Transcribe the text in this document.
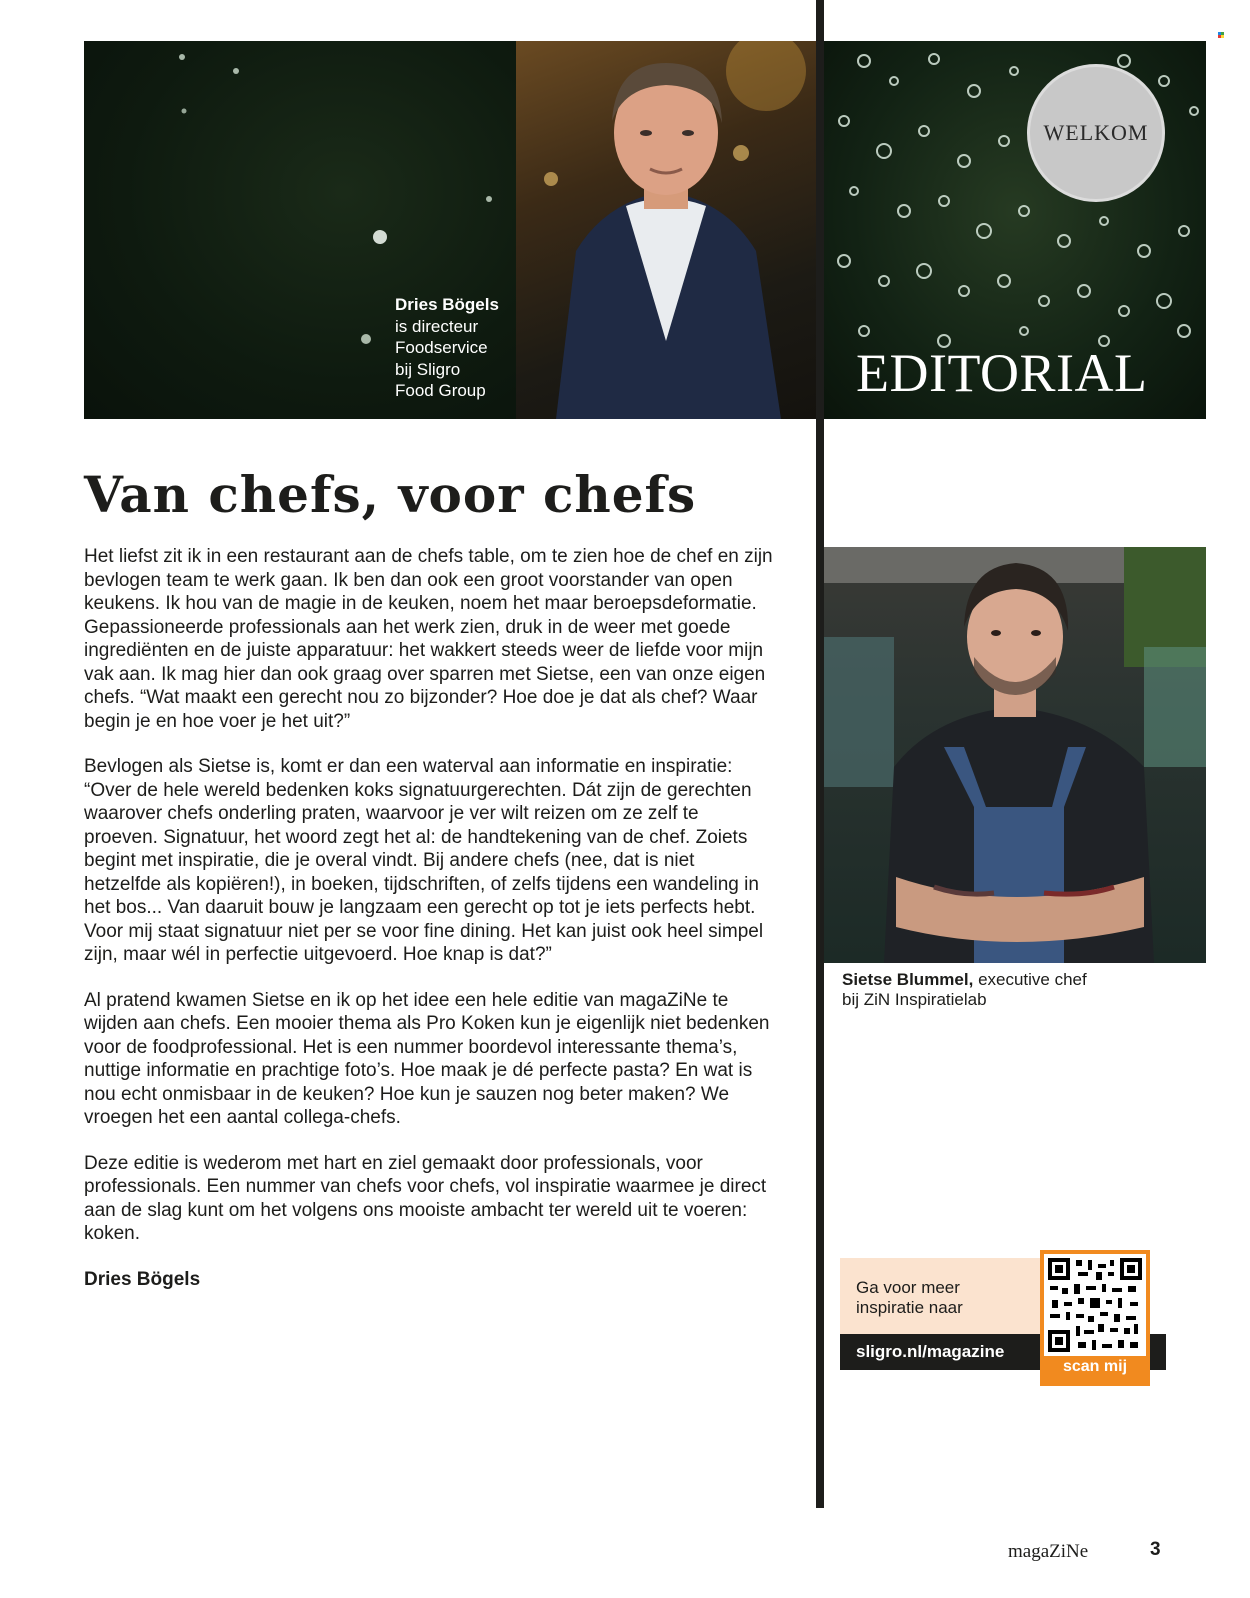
Dries Bögels
is directeur
Foodservice
bij Sligro
Food Group
WELKOM
EDITORIAL
Van chefs, voor chefs

Het liefst zit ik in een restaurant aan de chefs table, om te zien hoe de chef en zijn bevlogen team te werk gaan. Ik ben dan ook een groot voorstander van open keukens. Ik hou van de magie in de keuken, noem het maar beroepsdeformatie. Gepassioneerde professionals aan het werk zien, druk in de weer met goede ingrediënten en de juiste apparatuur: het wakkert steeds weer de liefde voor mijn vak aan. Ik mag hier dan ook graag over sparren met Sietse, een van onze eigen chefs. “Wat maakt een gerecht nou zo bijzonder? Hoe doe je dat als chef? Waar begin je en hoe voer je het uit?”

Bevlogen als Sietse is, komt er dan een waterval aan informatie en inspiratie: “Over de hele wereld bedenken koks signatuurgerechten. Dát zijn de gerechten waarover chefs onderling praten, waarvoor je ver wilt reizen om ze zelf te proeven. Signatuur, het woord zegt het al: de handtekening van de chef. Zoiets begint met inspiratie, die je overal vindt. Bij andere chefs (nee, dat is niet hetzelfde als kopiëren!), in boeken, tijdschriften, of zelfs tijdens een wandeling in het bos... Van daaruit bouw je langzaam een gerecht op tot je iets perfects hebt. Voor mij staat signatuur niet per se voor fine dining. Het kan juist ook heel simpel zijn, maar wél in perfectie uitgevoerd. Hoe knap is dat?”

Al pratend kwamen Sietse en ik op het idee een hele editie van magaZiNe te wijden aan chefs. Een mooier thema als Pro Koken kun je eigenlijk niet bedenken voor de foodprofessional. Het is een nummer boordevol interessante thema’s, nuttige informatie en prachtige foto’s. Hoe maak je dé perfecte pasta? En wat is nou echt onmisbaar in de keuken? Hoe kun je sauzen nog beter maken? We vroegen het een aantal collega-chefs.

Deze editie is wederom met hart en ziel gemaakt door professionals, voor professionals. Een nummer van chefs voor chefs, vol inspiratie waarmee je direct aan de slag kunt om het volgens ons mooiste ambacht ter wereld uit te voeren: koken.

Dries Bögels

Sietse Blummel, executive chef
bij ZiN Inspiratielab
Ga voor meer
inspiratie naar
sligro.nl/magazine
scan mij
magaZiNe	3
